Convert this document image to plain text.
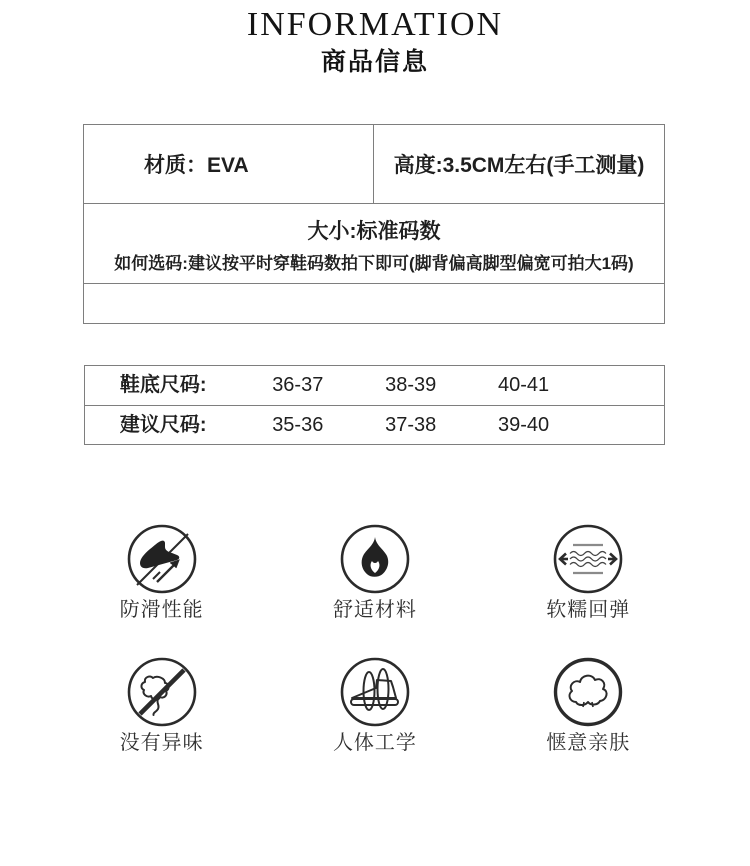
INFORMATION
商品信息
材质：EVA	高度:3.5CM左右(手工测量)
大小:标准码数
如何选码:建议按平时穿鞋码数拍下即可(脚背偏高脚型偏宽可拍大1码)
鞋底尺码:	36-37	38-39	40-41
建议尺码:	35-36	37-38	39-40
防滑性能	舒适材料	软糯回弹
没有异味	人体工学	惬意亲肤
